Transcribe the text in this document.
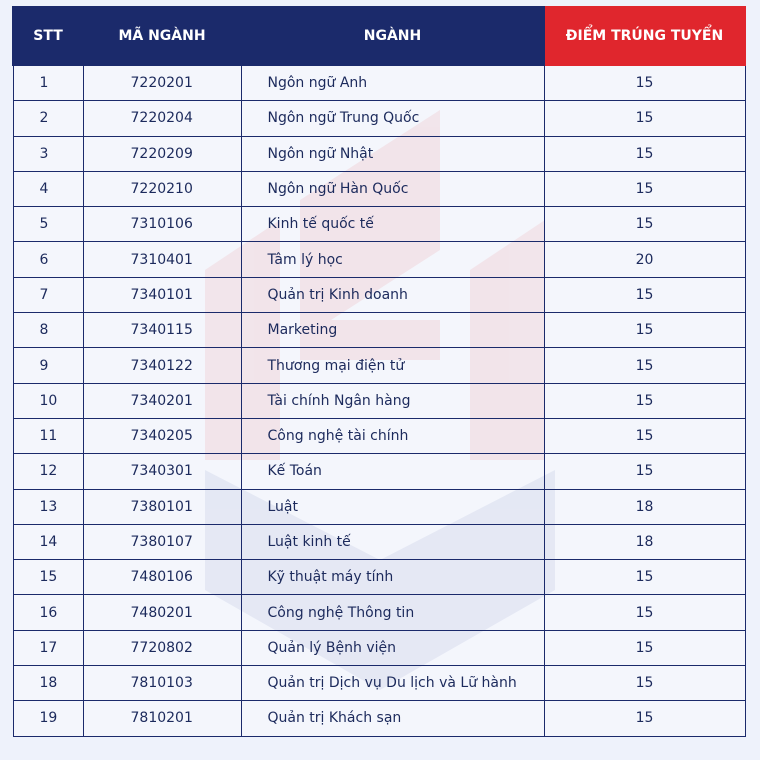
STT	MÃ NGÀNH	NGÀNH	ĐIỂM TRÚNG TUYỂN
1	7220201	Ngôn ngữ Anh	15
2	7220204	Ngôn ngữ Trung Quốc	15
3	7220209	Ngôn ngữ Nhật	15
4	7220210	Ngôn ngữ Hàn Quốc	15
5	7310106	Kinh tế quốc tế	15
6	7310401	Tâm lý học	20
7	7340101	Quản trị Kinh doanh	15
8	7340115	Marketing	15
9	7340122	Thương mại điện tử	15
10	7340201	Tài chính Ngân hàng	15
11	7340205	Công nghệ tài chính	15
12	7340301	Kế Toán	15
13	7380101	Luật	18
14	7380107	Luật kinh tế	18
15	7480106	Kỹ thuật máy tính	15
16	7480201	Công nghệ Thông tin	15
17	7720802	Quản lý Bệnh viện	15
18	7810103	Quản trị Dịch vụ Du lịch và Lữ hành	15
19	7810201	Quản trị Khách sạn	15
